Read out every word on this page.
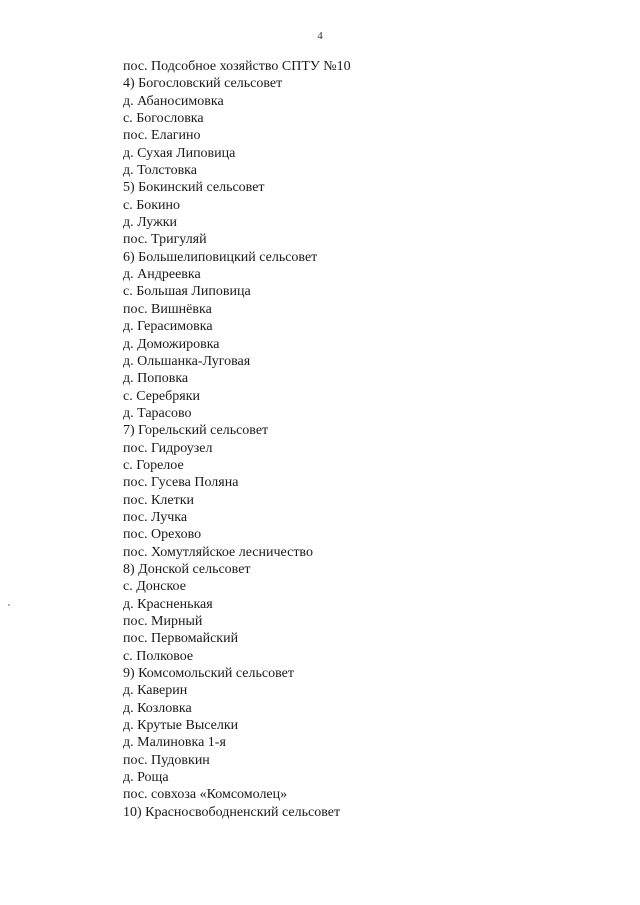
4
пос. Подсобное хозяйство СПТУ №10
4) Богословский сельсовет
д. Абаносимовка
с. Богословка
пос. Елагино
д. Сухая Липовица
д. Толстовка
5) Бокинский сельсовет
с. Бокино
д. Лужки
пос. Тригуляй
6) Большелиповицкий сельсовет
д. Андреевка
с. Большая Липовица
пос. Вишнёвка
д. Герасимовка
д. Доможировка
д. Ольшанка-Луговая
д. Поповка
с. Серебряки
д. Тарасово
7) Горельский сельсовет
пос. Гидроузел
с. Горелое
пос. Гусева Поляна
пос. Клетки
пос. Лучка
пос. Орехово
пос. Хомутляйское лесничество
8) Донской сельсовет
с. Донское
д. Красненькая
пос. Мирный
пос. Первомайский
с. Полковое
9) Комсомольский сельсовет
д. Каверин
д. Козловка
д. Крутые Выселки
д. Малиновка 1-я
пос. Пудовкин
д. Роща
пос. совхоза «Комсомолец»
10) Красносвободненский сельсовет
